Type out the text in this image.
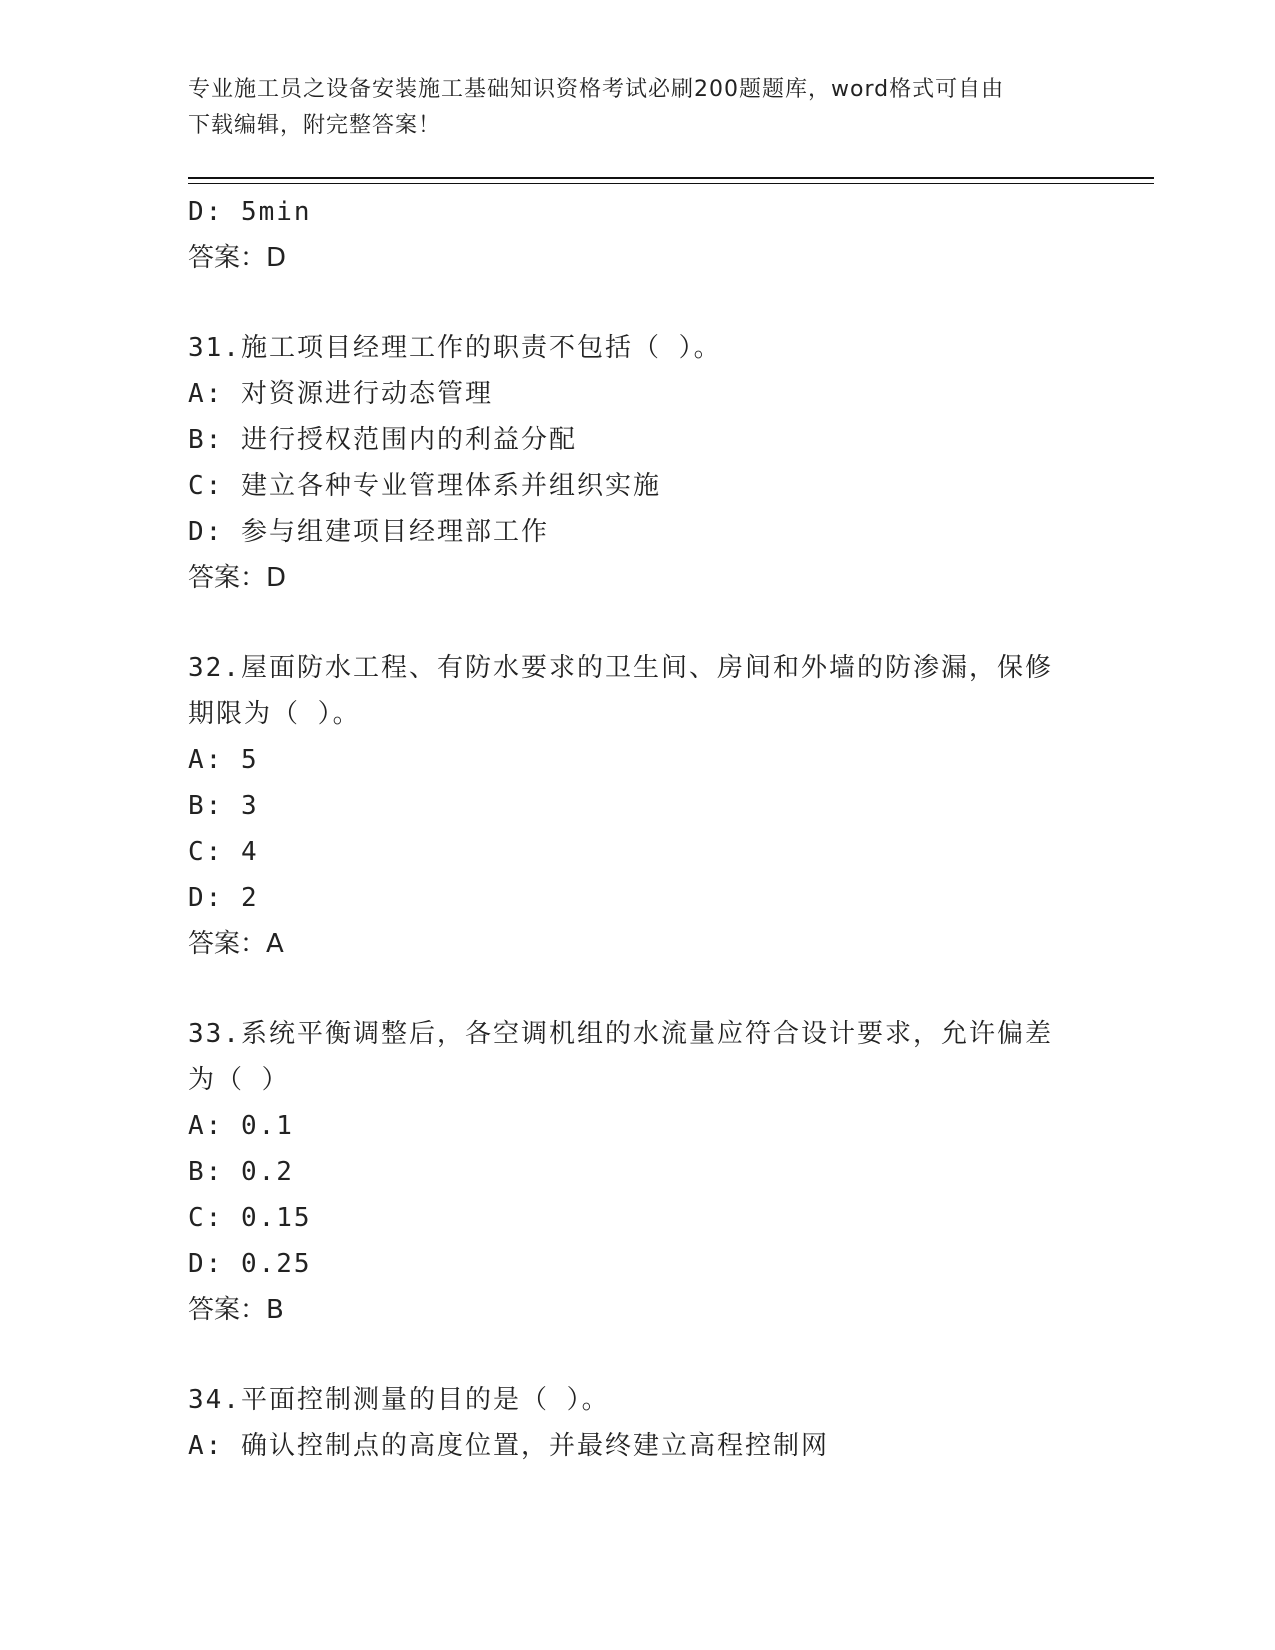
专业施工员之设备安装施工基础知识资格考试必刷200题题库，word格式可自由
下载编辑，附完整答案！
D: 5min
答案：D
31.施工项目经理工作的职责不包括（ ）。
A: 对资源进行动态管理
B: 进行授权范围内的利益分配
C: 建立各种专业管理体系并组织实施
D: 参与组建项目经理部工作
答案：D
32.屋面防水工程、有防水要求的卫生间、房间和外墙的防渗漏，保修
期限为（ ）。
A: 5
B: 3
C: 4
D: 2
答案：A
33.系统平衡调整后，各空调机组的水流量应符合设计要求，允许偏差
为（ ）
A: 0.1
B: 0.2
C: 0.15
D: 0.25
答案：B
34.平面控制测量的目的是（ ）。
A: 确认控制点的高度位置，并最终建立高程控制网
